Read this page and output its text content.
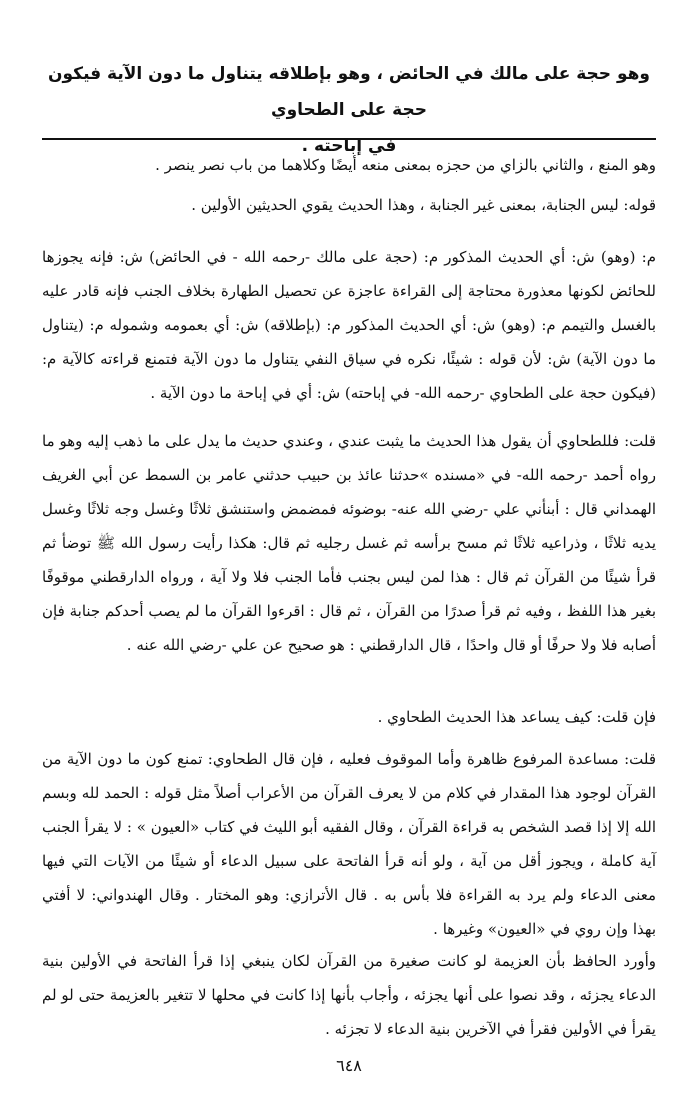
وهو حجة على مالك في الحائض ، وهو بإطلاقه يتناول ما دون الآية فيكون حجة على الطحاوي
في إباحته .

وهو المنع ، والثاني بالزاي من حجزه بمعنى منعه أيضًا وكلاهما من باب نصر ينصر .

قوله: ليس الجنابة، بمعنى غير الجنابة ، وهذا الحديث يقوي الحديثين الأولين .

م: (وهو) ش: أي الحديث المذكور م: (حجة على مالك -رحمه الله - في الحائض) ش: فإنه يجوزها للحائض لكونها معذورة محتاجة إلى القراءة عاجزة عن تحصيل الطهارة بخلاف الجنب فإنه قادر عليه بالغسل والتيمم م: (وهو) ش: أي الحديث المذكور م: (بإطلاقه) ش: أي بعمومه وشموله م: (يتناول ما دون الآية) ش: لأن قوله : شيئًا، نكره في سياق النفي يتناول ما دون الآية فتمنع قراءته كالآية م: (فيكون حجة على الطحاوي -رحمه الله- في إباحته) ش: أي في إباحة ما دون الآية .

قلت: فللطحاوي أن يقول هذا الحديث ما يثبت عندي ، وعندي حديث ما يدل على ما ذهب إليه وهو ما رواه أحمد -رحمه الله- في «مسنده »حدثنا عائذ بن حبيب حدثني عامر بن السمط عن أبي الغريف الهمداني قال : أبنأني علي -رضي الله عنه- بوضوئه فمضمض واستنشق ثلاثًا وغسل وجه ثلاثًا وغسل يديه ثلاثًا ، وذراعيه ثلاثًا ثم مسح برأسه ثم غسل رجليه ثم قال: هكذا رأيت رسول الله ﷺ توضأ ثم قرأ شيئًا من القرآن ثم قال : هذا لمن ليس بجنب فأما الجنب فلا ولا آية ، ورواه الدارقطني موقوفًا بغير هذا اللفظ ، وفيه ثم قرأ صدرًا من القرآن ، ثم قال : اقرءوا القرآن ما لم يصب أحدكم جنابة فإن أصابه فلا ولا حرفًا أو قال واحدًا ، قال الدارقطني : هو صحيح عن علي -رضي الله عنه .

فإن قلت: كيف يساعد هذا الحديث الطحاوي .

قلت: مساعدة المرفوع ظاهرة وأما الموقوف فعليه ، فإن قال الطحاوي: تمنع كون ما دون الآية من القرآن لوجود هذا المقدار في كلام من لا يعرف القرآن من الأعراب أصلاً مثل قوله : الحمد لله وبسم الله إلا إذا قصد الشخص به قراءة القرآن ، وقال الفقيه أبو الليث في كتاب «العيون » : لا يقرأ الجنب آية كاملة ، ويجوز أقل من آية ، ولو أنه قرأ الفاتحة على سبيل الدعاء أو شيئًا من الآيات التي فيها معنى الدعاء ولم يرد به القراءة فلا بأس به . قال الأترازي: وهو المختار . وقال الهندواني: لا أفتي بهذا وإن روي في «العيون» وغيرها .

وأورد الحافظ بأن العزيمة لو كانت صغيرة من القرآن لكان ينبغي إذا قرأ الفاتحة في الأولين بنية الدعاء يجزئه ، وقد نصوا على أنها يجزئه ، وأجاب بأنها إذا كانت في محلها لا تتغير بالعزيمة حتى لو لم يقرأ في الأولين فقرأ في الآخرين بنية الدعاء لا تجزئه .

٦٤٨
